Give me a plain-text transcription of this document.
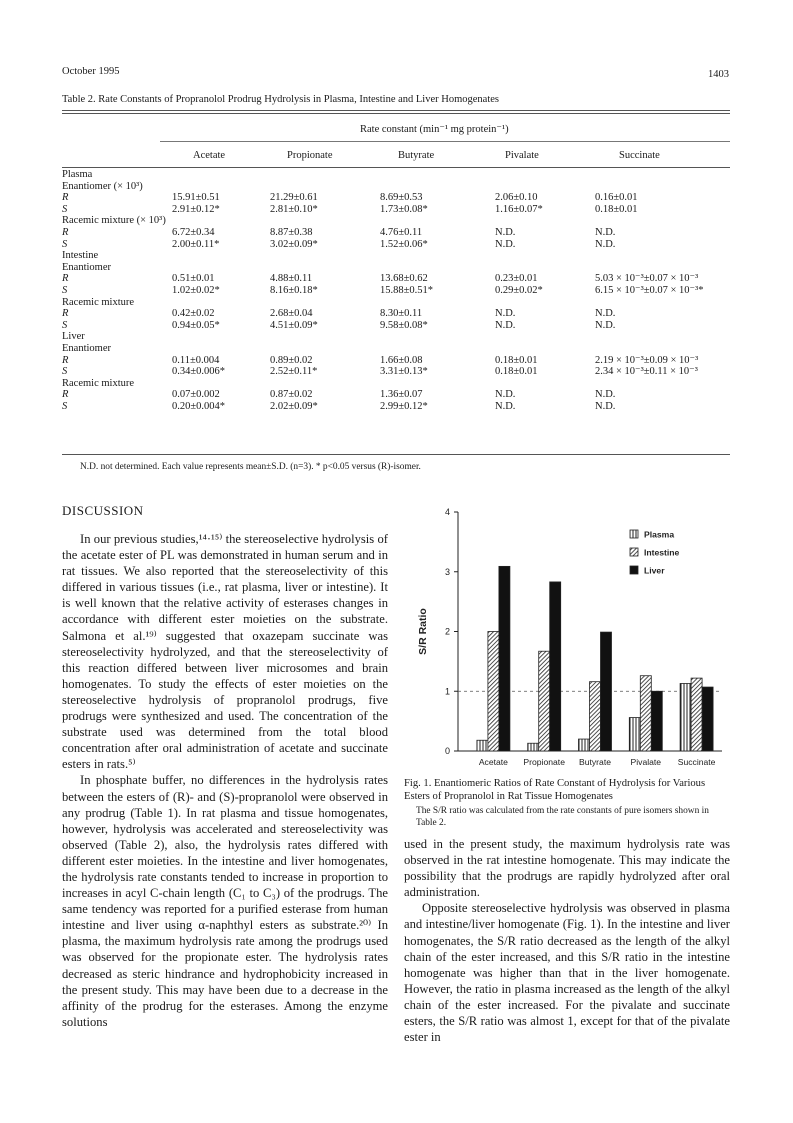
October 1995	1403
Table 2. Rate Constants of Propranolol Prodrug Hydrolysis in Plasma, Intestine and Liver Homogenates
Rate constant (min⁻¹ mg protein⁻¹)
Acetate	Propionate	Butyrate	Pivalate	Succinate
Plasma					
Enantiomer (× 10³)					
R	15.91±0.51	21.29±0.61	8.69±0.53	2.06±0.10	0.16±0.01
S	2.91±0.12*	2.81±0.10*	1.73±0.08*	1.16±0.07*	0.18±0.01
Racemic mixture (× 10³)					
R	6.72±0.34	8.87±0.38	4.76±0.11	N.D.	N.D.
S	2.00±0.11*	3.02±0.09*	1.52±0.06*	N.D.	N.D.
Intestine					
Enantiomer					
R	0.51±0.01	4.88±0.11	13.68±0.62	0.23±0.01	5.03 × 10⁻³±0.07 × 10⁻³
S	1.02±0.02*	8.16±0.18*	15.88±0.51*	0.29±0.02*	6.15 × 10⁻³±0.07 × 10⁻³*
Racemic mixture					
R	0.42±0.02	2.68±0.04	8.30±0.11	N.D.	N.D.
S	0.94±0.05*	4.51±0.09*	9.58±0.08*	N.D.	N.D.
Liver					
Enantiomer					
R	0.11±0.004	0.89±0.02	1.66±0.08	0.18±0.01	2.19 × 10⁻³±0.09 × 10⁻³
S	0.34±0.006*	2.52±0.11*	3.31±0.13*	0.18±0.01	2.34 × 10⁻³±0.11 × 10⁻³
Racemic mixture					
R	0.07±0.002	0.87±0.02	1.36±0.07	N.D.	N.D.
S	0.20±0.004*	2.02±0.09*	2.99±0.12*	N.D.	N.D.
N.D. not determined. Each value represents mean±S.D. (n=3). * p<0.05 versus (R)-isomer.
DISCUSSION

In our previous studies,¹⁴·¹⁵⁾ the stereoselective hydrolysis of the acetate ester of PL was demonstrated in human serum and in rat tissues. We also reported that the stereoselectivity of this differed in various tissues (i.e., rat plasma, liver or intestine). It is well known that the relative activity of esterases changes in accordance with different ester moieties on the substrate. Salmona et al.¹⁹⁾ suggested that oxazepam succinate was stereoselectivity hydrolyzed, and that the stereoselectivity of this reaction differed between liver microsomes and brain homogenates. To study the effects of ester moieties on the stereoselective hydrolysis of propranolol prodrugs, five prodrugs were synthesized and used. The concentration of the substrate used was determined from the total blood concentration after oral administration of acetate and succinate esters in rats.⁵⁾

In phosphate buffer, no differences in the hydrolysis rates between the esters of (R)- and (S)-propranolol were observed in any prodrug (Table 1). In rat plasma and tissue homogenates, however, hydrolysis was accelerated and stereoselectivity was observed (Table 2), also, the hydrolysis rates differed with different ester moieties. In the intestine and liver homogenates, the hydrolysis rate constants tended to increase in proportion to increases in acyl C-chain length (C₁ to C₃) of the prodrugs. The same tendency was reported for a purified esterase from human intestine and liver using α-naphthyl esters as substrate.²⁰⁾ In plasma, the maximum hydrolysis rate among the prodrugs used was observed for the propionate ester. The hydrolysis rates decreased as steric hindrance and hydrophobicity increased in the present study. This may have been due to a decrease in the affinity of the prodrug for the esterases. Among the enzyme solutions

0
1
2
3
4
S/R Ratio
Acetate Propionate Butyrate Pivalate Succinate
Plasma
Intestine
Liver
Fig. 1. Enantiomeric Ratios of Rate Constant of Hydrolysis for Various Esters of Propranolol in Rat Tissue Homogenates
The S/R ratio was calculated from the rate constants of pure isomers shown in Table 2.

used in the present study, the maximum hydrolysis rate was observed in the rat intestine homogenate. This may indicate the possibility that the prodrugs are rapidly hydrolyzed after oral administration.

Opposite stereoselective hydrolysis was observed in plasma and intestine/liver homogenate (Fig. 1). In the intestine and liver homogenates, the S/R ratio decreased as the length of the alkyl chain of the ester increased, and this S/R ratio in the intestine homogenate was higher than that in the liver homogenate. However, the ratio in plasma increased as the length of the alkyl chain of the ester increased. For the pivalate and succinate esters, the S/R ratio was almost 1, except for that of the pivalate ester in
